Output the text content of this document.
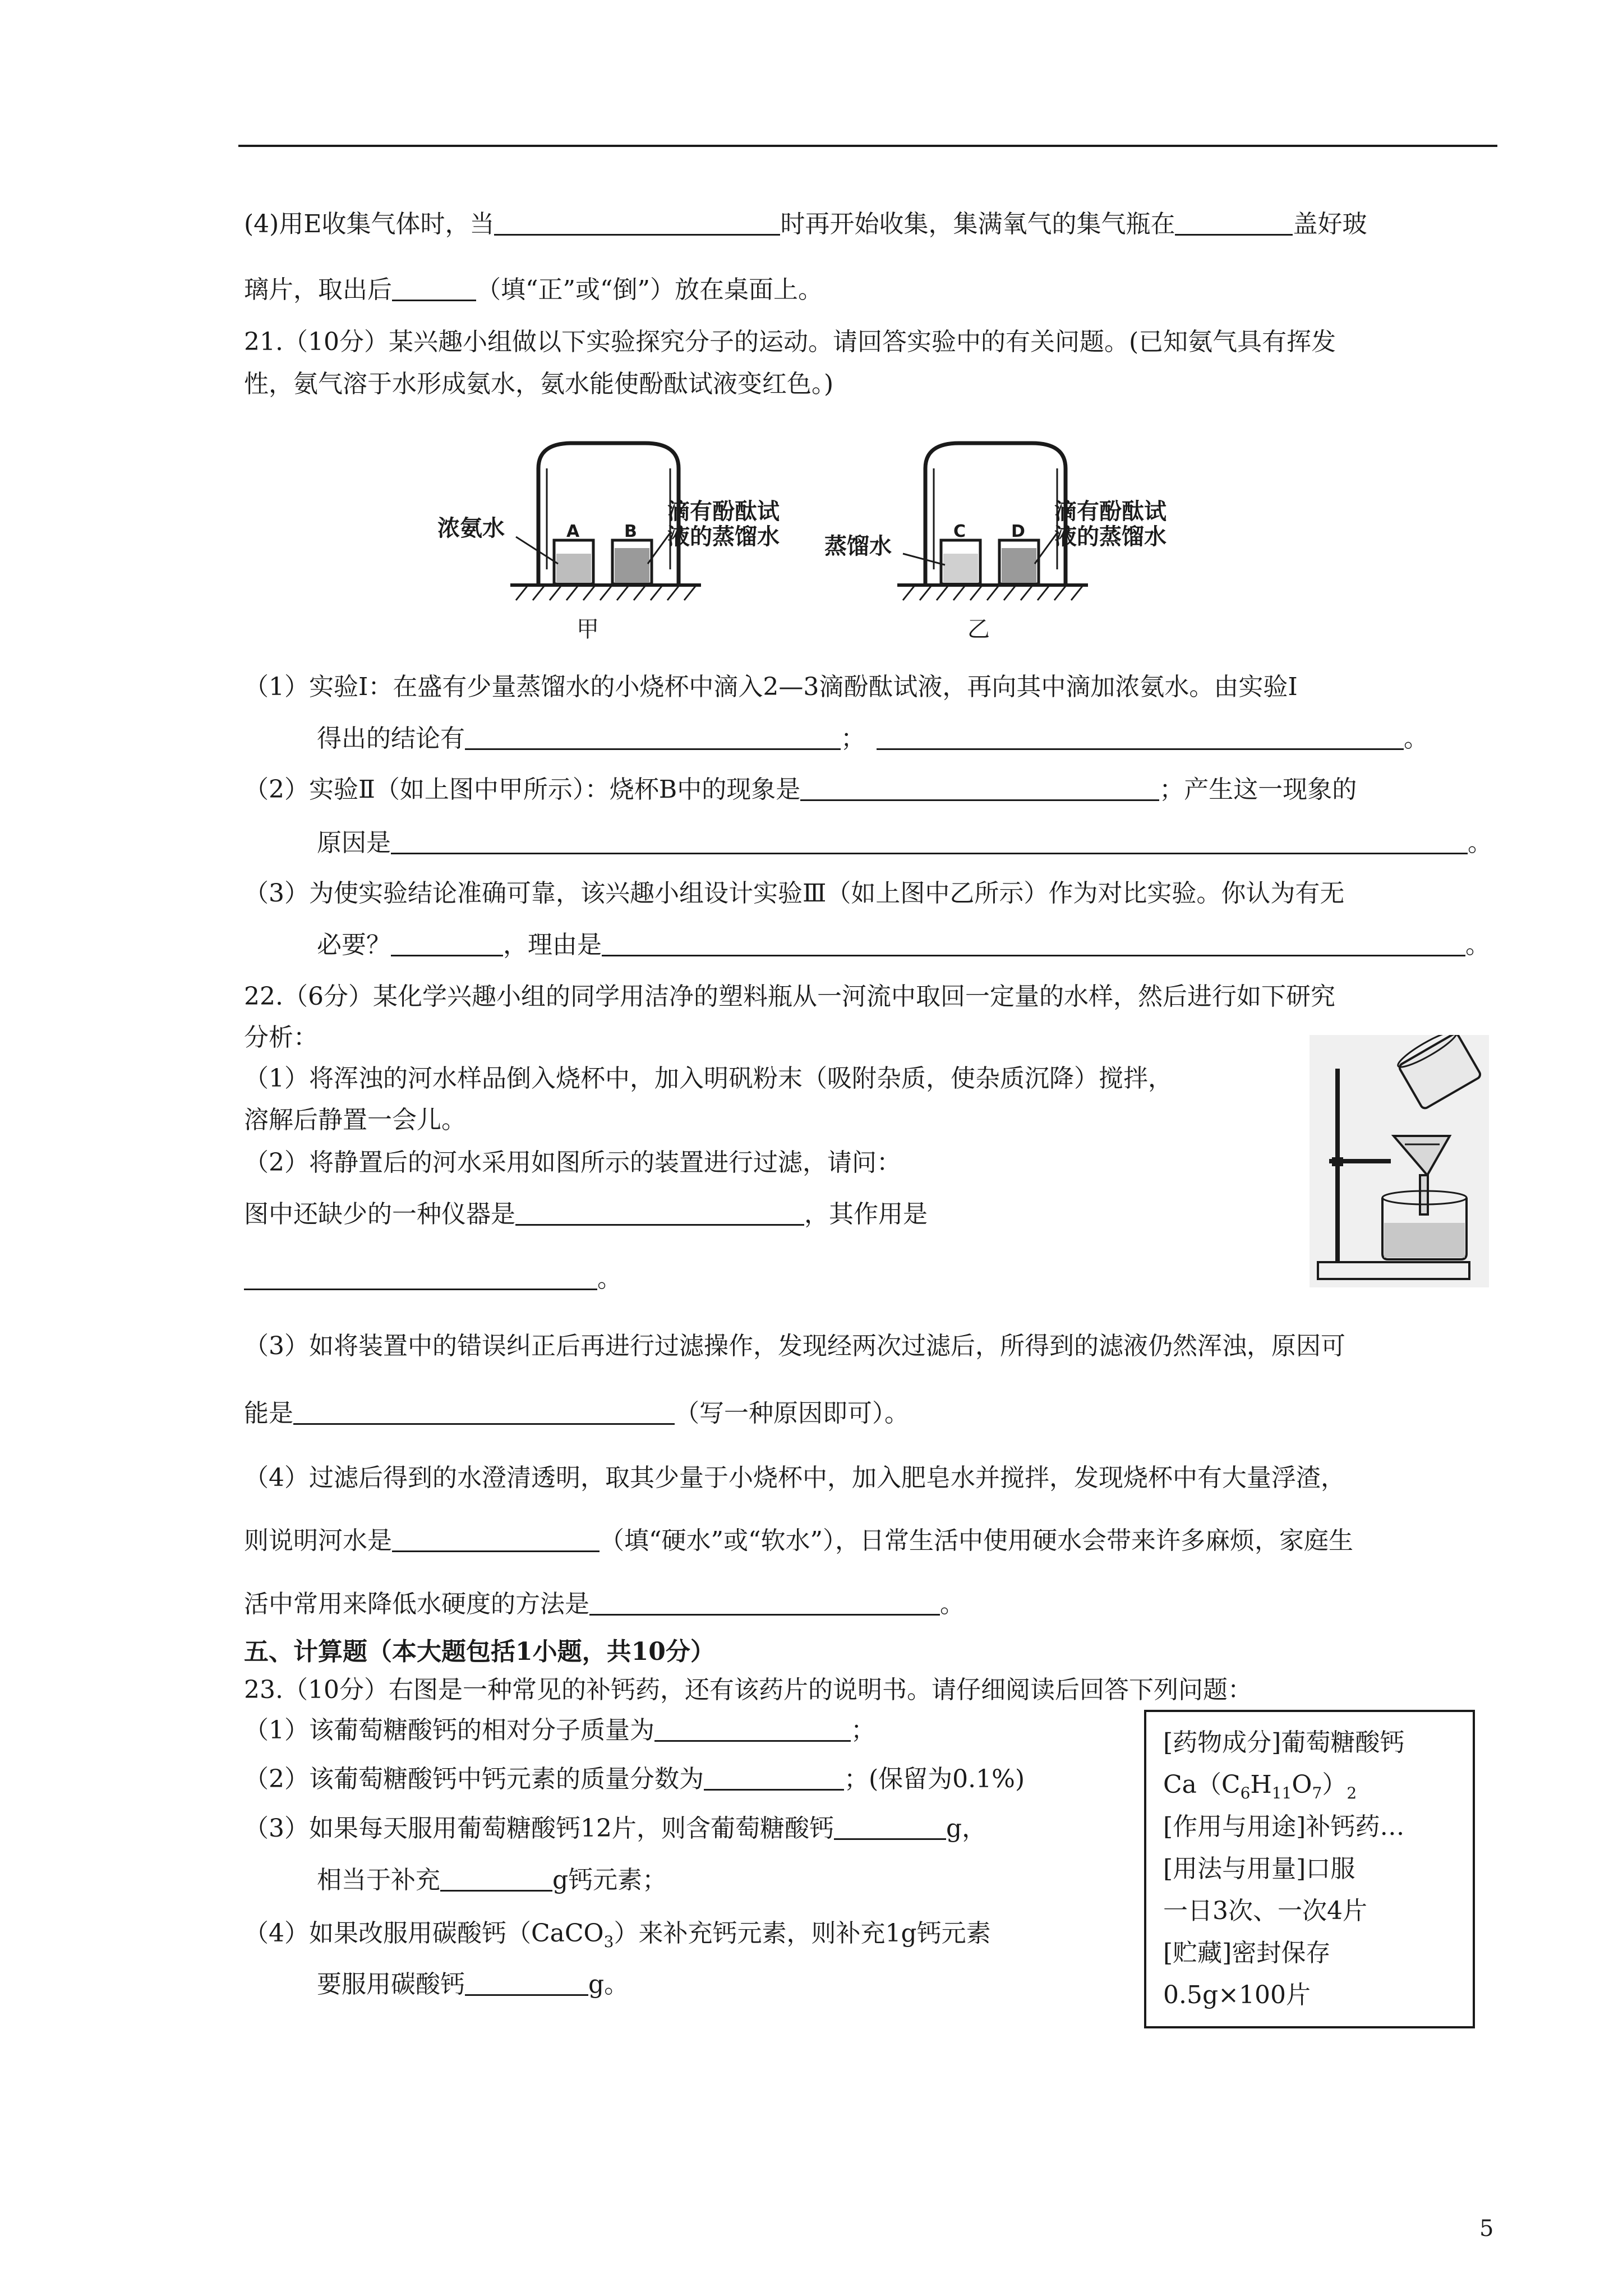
(4)用E收集气体时，当	时再开始收集，集满氧气的集气瓶在	盖好玻
璃片，取出后	（填“正”或“倒”）放在桌面上。
21.（10分）某兴趣小组做以下实验探究分子的运动。请回答实验中的有关问题。(已知氨气具有挥发
性，氨气溶于水形成氨水，氨水能使酚酞试液变红色。)
A	B
浓氨水
滴有酚酞试
液的蒸馏水
甲
C	D
蒸馏水
滴有酚酞试
液的蒸馏水
乙
（1）实验Ⅰ：在盛有少量蒸馏水的小烧杯中滴入2—3滴酚酞试液，再向其中滴加浓氨水。由实验Ⅰ
得出的结论有	；	。
（2）实验Ⅱ（如上图中甲所示）：烧杯B中的现象是	；产生这一现象的
原因是	。
（3）为使实验结论准确可靠，该兴趣小组设计实验Ⅲ（如上图中乙所示）作为对比实验。你认为有无
必要？	，理由是	。
22.（6分）某化学兴趣小组的同学用洁净的塑料瓶从一河流中取回一定量的水样，然后进行如下研究
分析：
（1）将浑浊的河水样品倒入烧杯中，加入明矾粉末（吸附杂质，使杂质沉降）搅拌，
溶解后静置一会儿。
（2）将静置后的河水采用如图所示的装置进行过滤，请问：
图中还缺少的一种仪器是	，其作用是
。
（3）如将装置中的错误纠正后再进行过滤操作，发现经两次过滤后，所得到的滤液仍然浑浊，原因可
能是	（写一种原因即可）。
（4）过滤后得到的水澄清透明，取其少量于小烧杯中，加入肥皂水并搅拌，发现烧杯中有大量浮渣，
则说明河水是	（填“硬水”或“软水”），日常生活中使用硬水会带来许多麻烦，家庭生
活中常用来降低水硬度的方法是	。
五、计算题（本大题包括1小题，共10分）
23.（10分）右图是一种常见的补钙药，还有该药片的说明书。请仔细阅读后回答下列问题：
（1）该葡萄糖酸钙的相对分子质量为	；
（2）该葡萄糖酸钙中钙元素的质量分数为	；(保留为0.1%)
（3）如果每天服用葡萄糖酸钙12片，则含葡萄糖酸钙	g，
相当于补充	g钙元素；
（4）如果改服用碳酸钙（CaCO$_3$）来补充钙元素，则补充1g钙元素
要服用碳酸钙	g。
[药物成分]葡萄糖酸钙
$Ca(C_6H_{11}O_7)_2$
[作用与用途]补钙药…
[用法与用量]口服
一日3次、一次4片
[贮藏]密封保存
0.5g×100片
5
